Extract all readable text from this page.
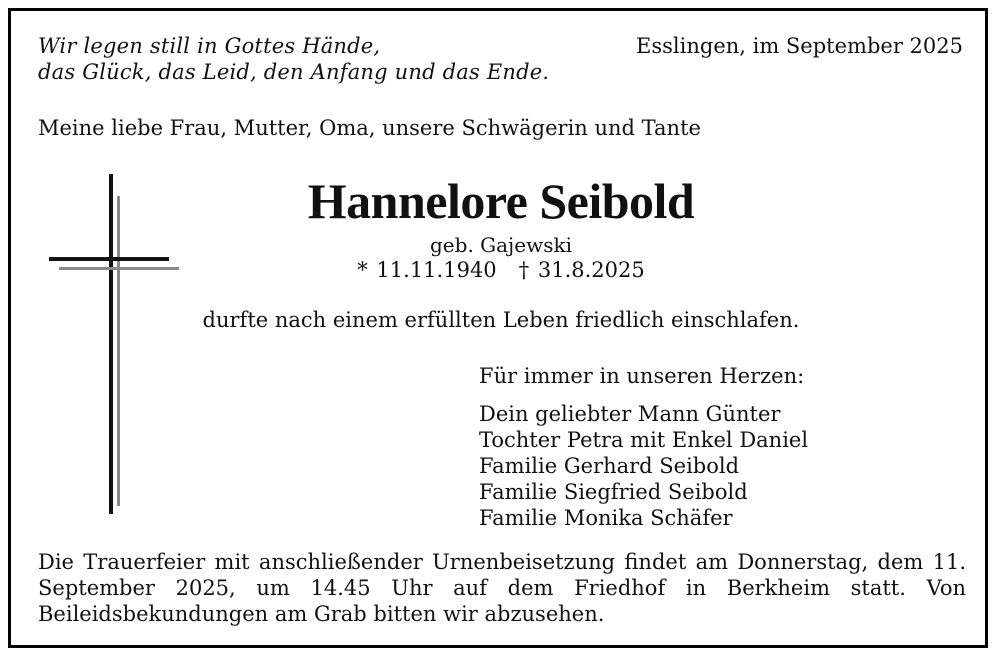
Wir legen still in Gottes Hände,
das Glück, das Leid, den Anfang und das Ende.
Esslingen, im September 2025
Meine liebe Frau, Mutter, Oma, unsere Schwägerin und Tante
Hannelore Seibold
geb. Gajewski
* 11.11.1940 † 31.8.2025
durfte nach einem erfüllten Leben friedlich einschlafen.
Für immer in unseren Herzen:
Dein geliebter Mann Günter
Tochter Petra mit Enkel Daniel
Familie Gerhard Seibold
Familie Siegfried Seibold
Familie Monika Schäfer
Die Trauerfeier mit anschließender Urnenbeisetzung findet am Donnerstag, dem 11. September 2025, um 14.45 Uhr auf dem Friedhof in Berkheim statt. Von Beileidsbekundungen am Grab bitten wir abzusehen.
